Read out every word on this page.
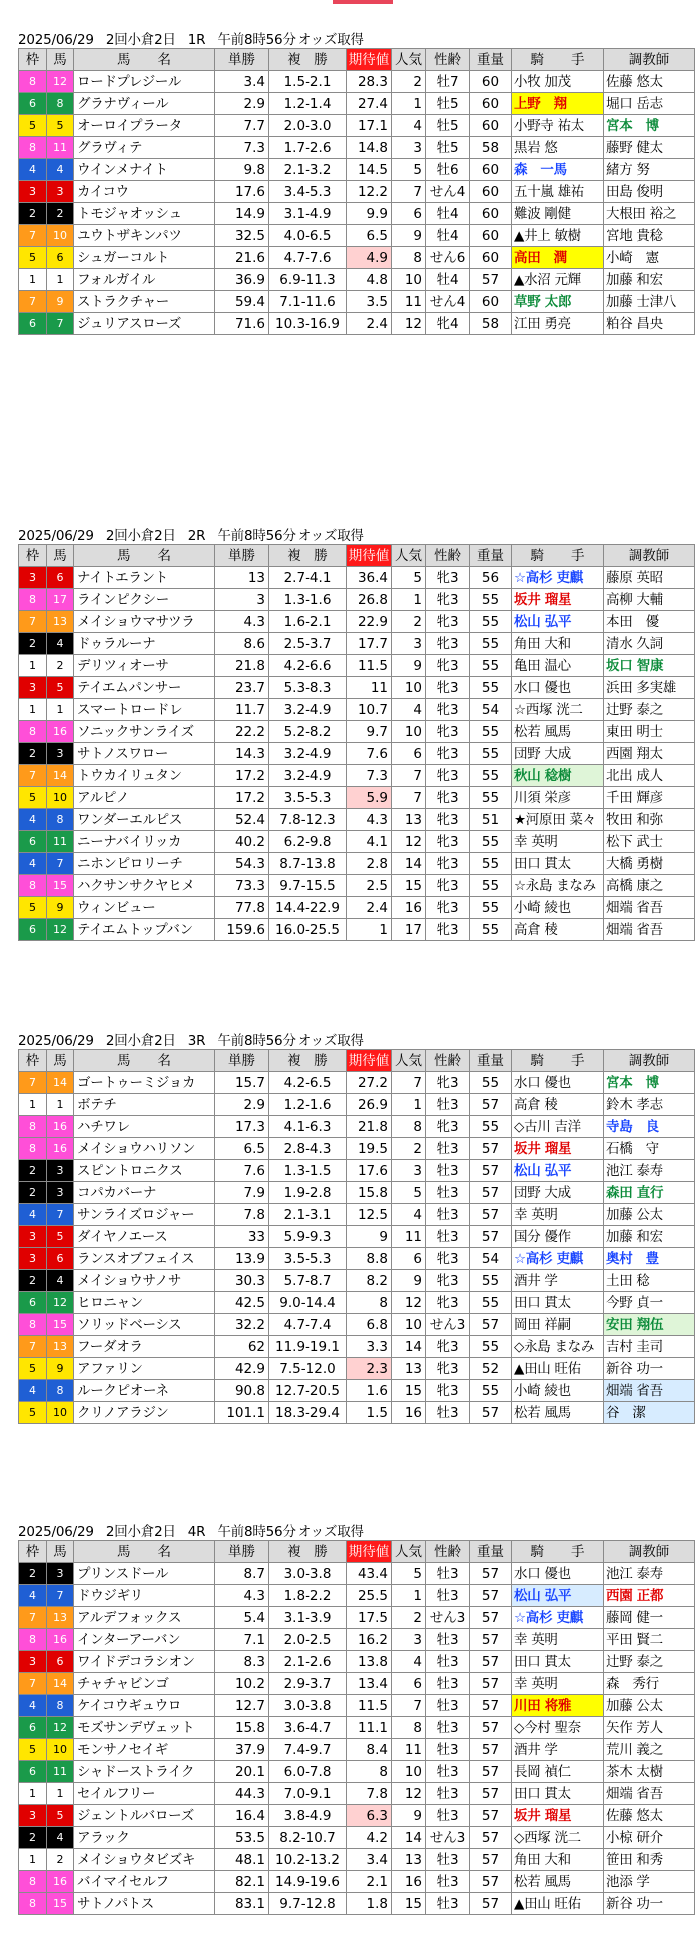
2025/06/29 2回小倉2日 1R 午前8時56分 オッズ取得
枠	馬	馬　　名	単勝	複　勝	期待値	人気	性齢	重量	騎　　手	調教師
8	12	ロードプレジール	3.4	1.5-2.1	28.3	2	牡7	60	小牧 加茂	佐藤 悠太
6	8	グラナヴィール	2.9	1.2-1.4	27.4	1	牡5	60	上野　翔	堀口 岳志
5	5	オーロイプラータ	7.7	2.0-3.0	17.1	4	牡5	60	小野寺 祐太	宮本　博
8	11	グラヴィテ	7.3	1.7-2.6	14.8	3	牡5	58	黒岩 悠	藤野 健太
4	4	ウインメナイト	9.8	2.1-3.2	14.5	5	牡6	60	森　一馬	緒方 努
3	3	カイコウ	17.6	3.4-5.3	12.2	7	せん4	60	五十嵐 雄祐	田島 俊明
2	2	トモジャオッシュ	14.9	3.1-4.9	9.9	6	牡4	60	難波 剛健	大根田 裕之
7	10	ユウトザキンパツ	32.5	4.0-6.5	6.5	9	牡4	60	▲井上 敏樹	宮地 貴稔
5	6	シュガーコルト	21.6	4.7-7.6	4.9	8	せん6	60	高田　潤	小崎　憲
1	1	フォルガイル	36.9	6.9-11.3	4.8	10	牡4	57	▲水沼 元輝	加藤 和宏
7	9	ストラクチャー	59.4	7.1-11.6	3.5	11	せん4	60	草野 太郎	加藤 士津八
6	7	ジュリアスローズ	71.6	10.3-16.9	2.4	12	牝4	58	江田 勇亮	粕谷 昌央
2025/06/29 2回小倉2日 2R 午前8時56分 オッズ取得
枠	馬	馬　　名	単勝	複　勝	期待値	人気	性齢	重量	騎　　手	調教師
3	6	ナイトエラント	13	2.7-4.1	36.4	5	牝3	56	☆高杉 吏麒	藤原 英昭
8	17	ラインピクシー	3	1.3-1.6	26.8	1	牝3	55	坂井 瑠星	高柳 大輔
7	13	メイショウマサツラ	4.3	1.6-2.1	22.9	2	牝3	55	松山 弘平	本田　優
2	4	ドゥラルーナ	8.6	2.5-3.7	17.7	3	牝3	55	角田 大和	清水 久詞
1	2	デリツィオーサ	21.8	4.2-6.6	11.5	9	牝3	55	亀田 温心	坂口 智康
3	5	テイエムパンサー	23.7	5.3-8.3	11	10	牝3	55	水口 優也	浜田 多実雄
1	1	スマートロードレ	11.7	3.2-4.9	10.7	4	牝3	54	☆西塚 洸二	辻野 泰之
8	16	ソニックサンライズ	22.2	5.2-8.2	9.7	10	牝3	55	松若 風馬	東田 明士
2	3	サトノスワロー	14.3	3.2-4.9	7.6	6	牝3	55	団野 大成	西園 翔太
7	14	トウカイリュタン	17.2	3.2-4.9	7.3	7	牝3	55	秋山 稔樹	北出 成人
5	10	アルピノ	17.2	3.5-5.3	5.9	7	牝3	55	川須 栄彦	千田 輝彦
4	8	ワンダーエルピス	52.4	7.8-12.3	4.3	13	牝3	51	★河原田 菜々	牧田 和弥
6	11	ニーナバイリッカ	40.2	6.2-9.8	4.1	12	牝3	55	幸 英明	松下 武士
4	7	ニホンピロリーチ	54.3	8.7-13.8	2.8	14	牝3	55	田口 貫太	大橋 勇樹
8	15	ハクサンサクヤヒメ	73.3	9.7-15.5	2.5	15	牝3	55	☆永島 まなみ	高橋 康之
5	9	ウィンビュー	77.8	14.4-22.9	2.4	16	牝3	55	小崎 綾也	畑端 省吾
6	12	テイエムトップバン	159.6	16.0-25.5	1	17	牝3	55	高倉 稜	畑端 省吾
2025/06/29 2回小倉2日 3R 午前8時56分 オッズ取得
枠	馬	馬　　名	単勝	複　勝	期待値	人気	性齢	重量	騎　　手	調教師
7	14	ゴートゥーミジョカ	15.7	4.2-6.5	27.2	7	牝3	55	水口 優也	宮本　博
1	1	ボテチ	2.9	1.2-1.6	26.9	1	牡3	57	高倉 稜	鈴木 孝志
8	16	ハチワレ	17.3	4.1-6.3	21.8	8	牝3	55	◇古川 吉洋	寺島　良
8	16	メイショウハリソン	6.5	2.8-4.3	19.5	2	牡3	57	坂井 瑠星	石橋　守
2	3	スピントロニクス	7.6	1.3-1.5	17.6	3	牡3	57	松山 弘平	池江 泰寿
2	3	コパカバーナ	7.9	1.9-2.8	15.8	5	牡3	57	団野 大成	森田 直行
4	7	サンライズロジャー	7.8	2.1-3.1	12.5	4	牡3	57	幸 英明	加藤 公太
3	5	ダイヤノエース	33	5.9-9.3	9	11	牡3	57	国分 優作	加藤 和宏
3	6	ランスオブフェイス	13.9	3.5-5.3	8.8	6	牝3	54	☆高杉 吏麒	奥村　豊
2	4	メイショウサノサ	30.3	5.7-8.7	8.2	9	牝3	55	酒井 学	土田 稔
6	12	ヒロニャン	42.5	9.0-14.4	8	12	牝3	55	田口 貫太	今野 貞一
8	15	ソリッドベーシス	32.2	4.7-7.4	6.8	10	せん3	57	岡田 祥嗣	安田 翔伍
7	13	フーダオラ	62	11.9-19.1	3.3	14	牝3	55	◇永島 まなみ	吉村 圭司
5	9	アファリン	42.9	7.5-12.0	2.3	13	牝3	52	▲田山 旺佑	新谷 功一
4	8	ルークピオーネ	90.8	12.7-20.5	1.6	15	牝3	55	小崎 綾也	畑端 省吾
5	10	クリノアラジン	101.1	18.3-29.4	1.5	16	牡3	57	松若 風馬	谷　潔
2025/06/29 2回小倉2日 4R 午前8時56分 オッズ取得
枠	馬	馬　　名	単勝	複　勝	期待値	人気	性齢	重量	騎　　手	調教師
2	3	プリンスドール	8.7	3.0-3.8	43.4	5	牡3	57	水口 優也	池江 泰寿
4	7	ドウジギリ	4.3	1.8-2.2	25.5	1	牡3	57	松山 弘平	西園 正都
7	13	アルデフォックス	5.4	3.1-3.9	17.5	2	せん3	57	☆高杉 吏麒	藤岡 健一
8	16	インターアーバン	7.1	2.0-2.5	16.2	3	牡3	57	幸 英明	平田 賢二
3	6	ワイドデコラシオン	8.3	2.1-2.6	13.8	4	牡3	57	田口 貫太	辻野 泰之
7	14	チャチャビンゴ	10.2	2.9-3.7	13.4	6	牡3	57	幸 英明	森　秀行
4	8	ケイコウギュウロ	12.7	3.0-3.8	11.5	7	牡3	57	川田 将雅	加藤 公太
6	12	モズサンデヴェット	15.8	3.6-4.7	11.1	8	牡3	57	◇今村 聖奈	矢作 芳人
5	10	モンサノセイギ	37.9	7.4-9.7	8.4	11	牡3	57	酒井 学	荒川 義之
6	11	シャドーストライク	20.1	6.0-7.8	8	10	牡3	57	長岡 禎仁	茶木 太樹
1	1	セイルフリー	44.3	7.0-9.1	7.8	12	牡3	57	田口 貫太	畑端 省吾
3	5	ジェントルバローズ	16.4	3.8-4.9	6.3	9	牡3	57	坂井 瑠星	佐藤 悠太
2	4	アラック	53.5	8.2-10.7	4.2	14	せん3	57	◇西塚 洸二	小椋 研介
1	2	メイショウタビズキ	48.1	10.2-13.2	3.4	13	牡3	57	角田 大和	笹田 和秀
8	16	バイマイセルフ	82.1	14.9-19.6	2.1	16	牡3	57	松若 風馬	池添 学
8	15	サトノパトス	83.1	9.7-12.8	1.8	15	牡3	57	▲田山 旺佑	新谷 功一
